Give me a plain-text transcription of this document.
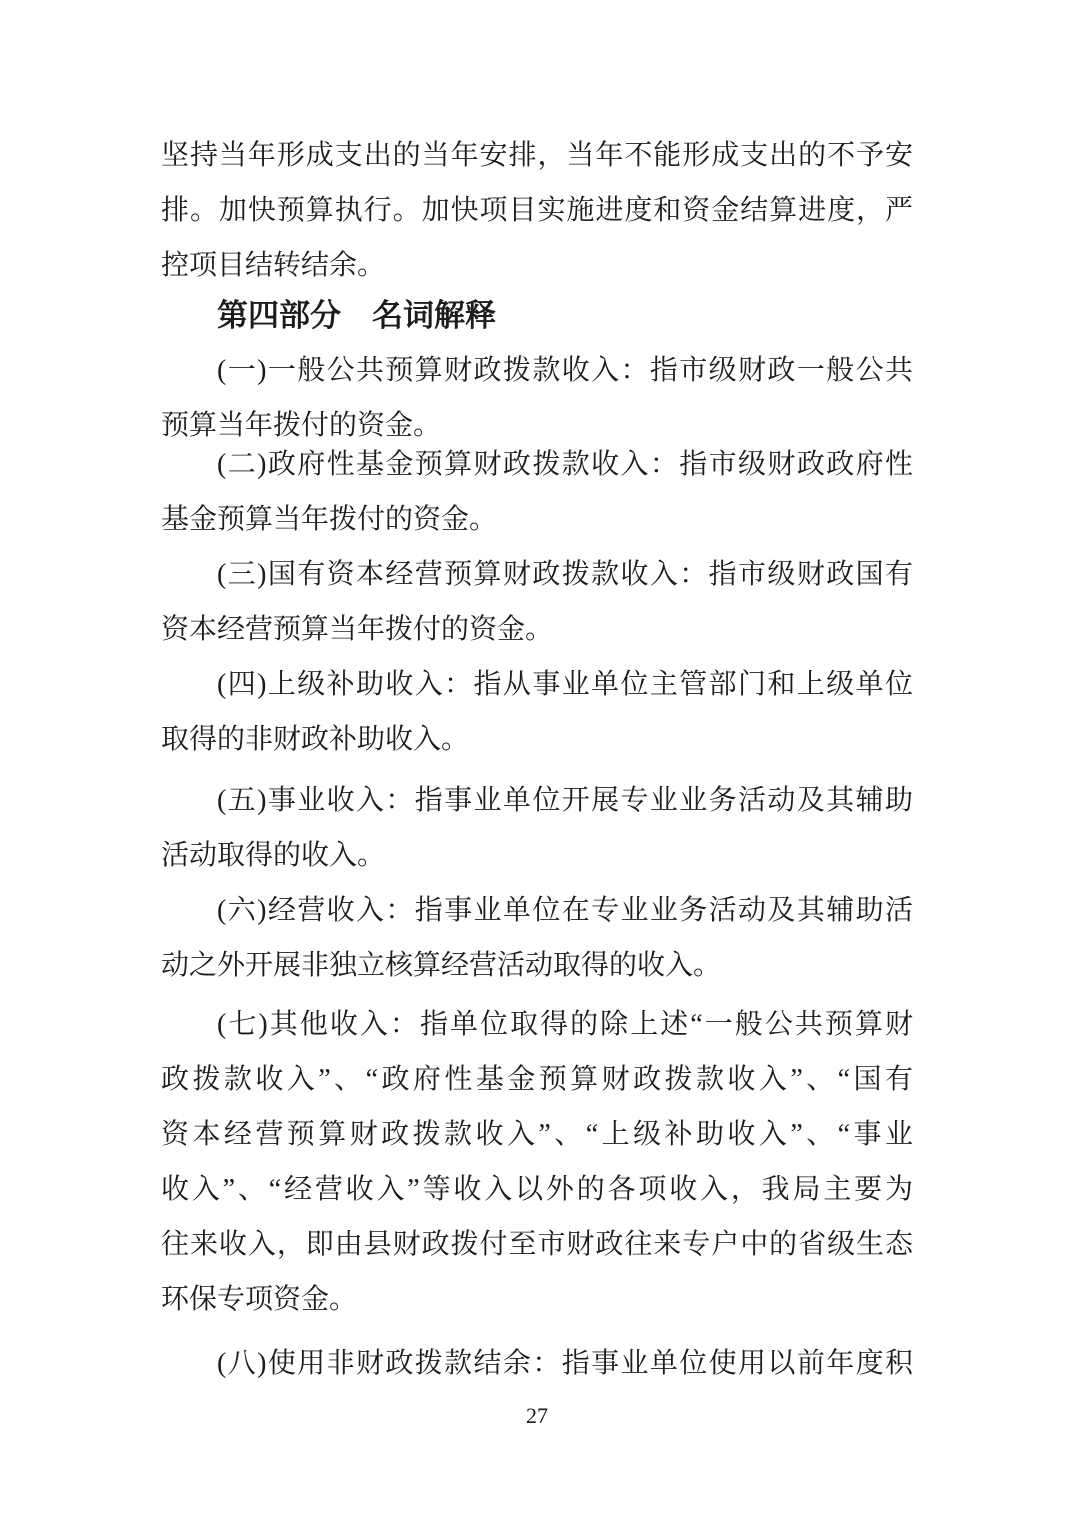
坚持当年形成支出的当年安排，当年不能形成支出的不予安
排。加快预算执行。加快项目实施进度和资金结算进度，严
控项目结转结余。
第四部分　名词解释
(一)一般公共预算财政拨款收入：指市级财政一般公共
预算当年拨付的资金。
(二)政府性基金预算财政拨款收入：指市级财政政府性
基金预算当年拨付的资金。
(三)国有资本经营预算财政拨款收入：指市级财政国有
资本经营预算当年拨付的资金。
(四)上级补助收入：指从事业单位主管部门和上级单位
取得的非财政补助收入。
(五)事业收入：指事业单位开展专业业务活动及其辅助
活动取得的收入。
(六)经营收入：指事业单位在专业业务活动及其辅助活
动之外开展非独立核算经营活动取得的收入。
(七)其他收入：指单位取得的除上述“一般公共预算财
政拨款收入”、“政府性基金预算财政拨款收入”、“国有
资本经营预算财政拨款收入”、“上级补助收入”、“事业
收入”、“经营收入”等收入以外的各项收入，我局主要为
往来收入，即由县财政拨付至市财政往来专户中的省级生态
环保专项资金。
(八)使用非财政拨款结余：指事业单位使用以前年度积
27
